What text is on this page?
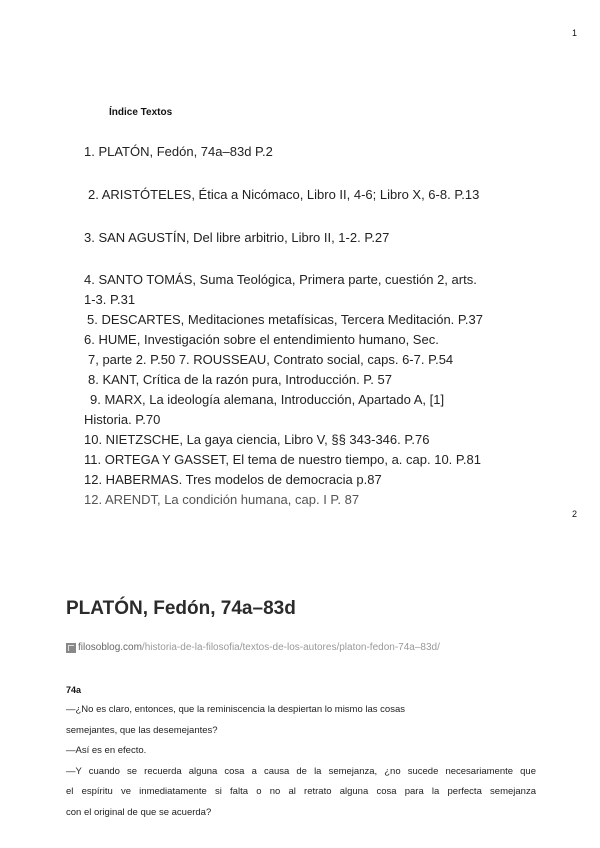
1
Índice Textos
1. PLATÓN, Fedón, 74a–83d P.2
2. ARISTÓTELES, Ética a Nicómaco, Libro II, 4-6; Libro X, 6-8. P.13
3. SAN AGUSTÍN, Del libre arbitrio, Libro II, 1-2. P.27
4. SANTO TOMÁS, Suma Teológica, Primera parte, cuestión 2, arts.
1-3. P.31
5. DESCARTES, Meditaciones metafísicas, Tercera Meditación. P.37
6. HUME, Investigación sobre el entendimiento humano, Sec.
7, parte 2. P.50 7. ROUSSEAU, Contrato social, caps. 6-7. P.54
8. KANT, Crítica de la razón pura, Introducción. P. 57
9. MARX, La ideología alemana, Introducción, Apartado A, [1]
Historia. P.70
10. NIETZSCHE, La gaya ciencia, Libro V, §§ 343-346. P.76
11. ORTEGA Y GASSET, El tema de nuestro tiempo, a. cap. 10. P.81
12. HABERMAS. Tres modelos de democracia p.87
12. ARENDT, La condición humana, cap. I P. 87
2
PLATÓN, Fedón, 74a–83d
filosoblog.com /historia-de-la-filosofia/textos-de-los-autores/platon-fedon-74a–83d/
74a

—¿No es claro, entonces, que la reminiscencia la despiertan lo mismo las cosas

semejantes, que las desemejantes?

—Así es en efecto.

—Y cuando se recuerda alguna cosa a causa de la semejanza, ¿no sucede necesariamente que

el espíritu ve inmediatamente si falta o no al retrato alguna cosa para la perfecta semejanza

con el original de que se acuerda?
